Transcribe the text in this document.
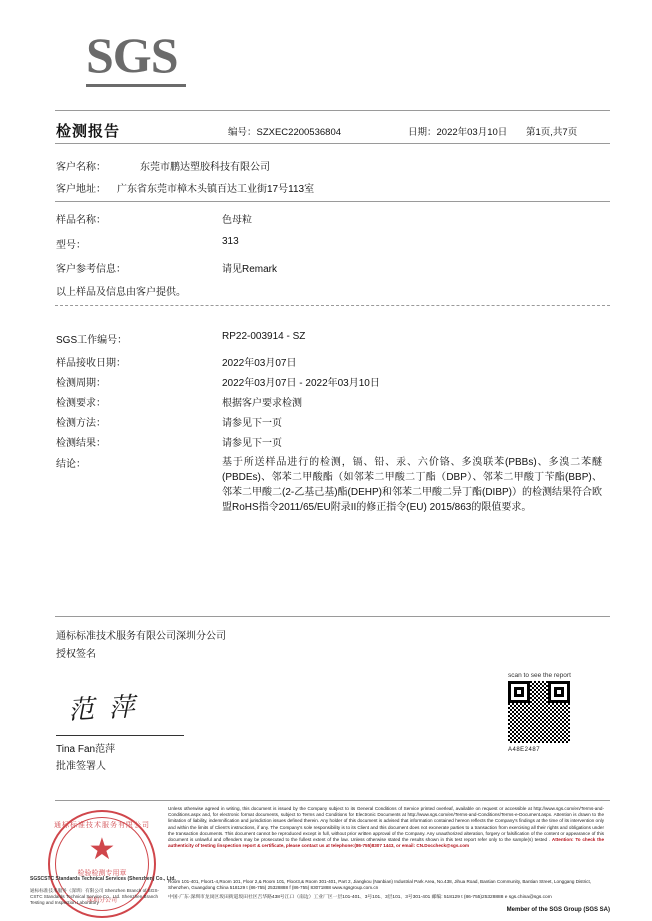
SGS
检测报告	编号：SZXEC2200536804	日期：2022年03月10日 第1页,共7页
客户名称：	东莞市鹏达塑胶科技有限公司
客户地址： 广东省东莞市樟木头镇百达工业街17号113室
样品名称：	色母粒
型号：	313
客户参考信息：	请见Remark
以上样品及信息由客户提供。
SGS工作编号：	RP22-003914 - SZ
样品接收日期：	2022年03月07日
检测周期：	2022年03月07日 - 2022年03月10日
检测要求：	根据客户要求检测
检测方法：	请参见下一页
检测结果：	请参见下一页
结论：	基于所送样品进行的检测，镉、铅、汞、六价铬、多溴联苯(PBBs)、多溴二苯醚(PBDEs)、邻苯二甲酸酯（如邻苯二甲酸二丁酯（DBP）、邻苯二甲酸丁苄酯(BBP)、邻苯二甲酸二(2-乙基己基)酯(DEHP)和邻苯二甲酸二异丁酯(DIBP)）的检测结果符合欧盟RoHS指令2011/65/EU附录II的修正指令(EU) 2015/863的限值要求。
通标标准技术服务有限公司深圳分公司
授权签名
范 萍
Tina Fan范萍
批准签署人
scan to see the report
A48E2487
通标标准技术服务有限公司
★
检验检测专用章
深圳分公司
SGSCSTC Standards Technical Services (Shenzhen) Co., Ltd.
通标标准技术服务（深圳）有限公司 Shenzhen Branch of SGS-CSTC Standards Technical Service Co., Ltd. Shenzhen Branch Testing and Inspection Laboratory
Unless otherwise agreed in writing, this document is issued by the Company subject to its General Conditions of Service printed overleaf, available on request or accessible at http://www.sgs.com/en/Terms-and-Conditions.aspx and, for electronic format documents, subject to Terms and Conditions for Electronic Documents at http://www.sgs.com/en/Terms-and-Conditions/Terms-e-Document.aspx. Attention is drawn to the limitation of liability, indemnification and jurisdiction issues defined therein. Any holder of this document is advised that information contained hereon reflects the Company's findings at the time of its intervention only and within the limits of Client's instructions, if any. The Company's sole responsibility is to its Client and this document does not exonerate parties to a transaction from exercising all their rights and obligations under the transaction documents. This document cannot be reproduced except in full, without prior written approval of the Company. Any unauthorized alteration, forgery or falsification of the content or appearance of this document is unlawful and offenders may be prosecuted to the fullest extent of the law. Unless otherwise stated the results shown in this test report refer only to the sample(s) tested . Attention: To check the authenticity of testing /inspection report & certificate, please contact us at telephone:(86-755)8307 1443, or email: CN.Doccheck@sgs.com
Room 101-401, Floor1-4,Room 101, Floor 2,& Room 101, Floor3,& Room 301-401, Part 2, Jiangkou (Nanbian) Industrial Park Area, No.438, Jihua Road, Bantian Community, Bantian Street, Longgang District, Shenzhen, Guangdong China 518129 t (86-755) 25328888 f (86-755) 83071888 www.sgsgroup.com.cn
中国·广东·深圳市龙岗区坂田街道坂田社区吉华路438号江口（南边）工业厂区一层101-401、3号101、3层101、3号301-401 邮编: 518129 t (86-755)25328888 e sgs.china@sgs.com
Member of the SGS Group (SGS SA)
